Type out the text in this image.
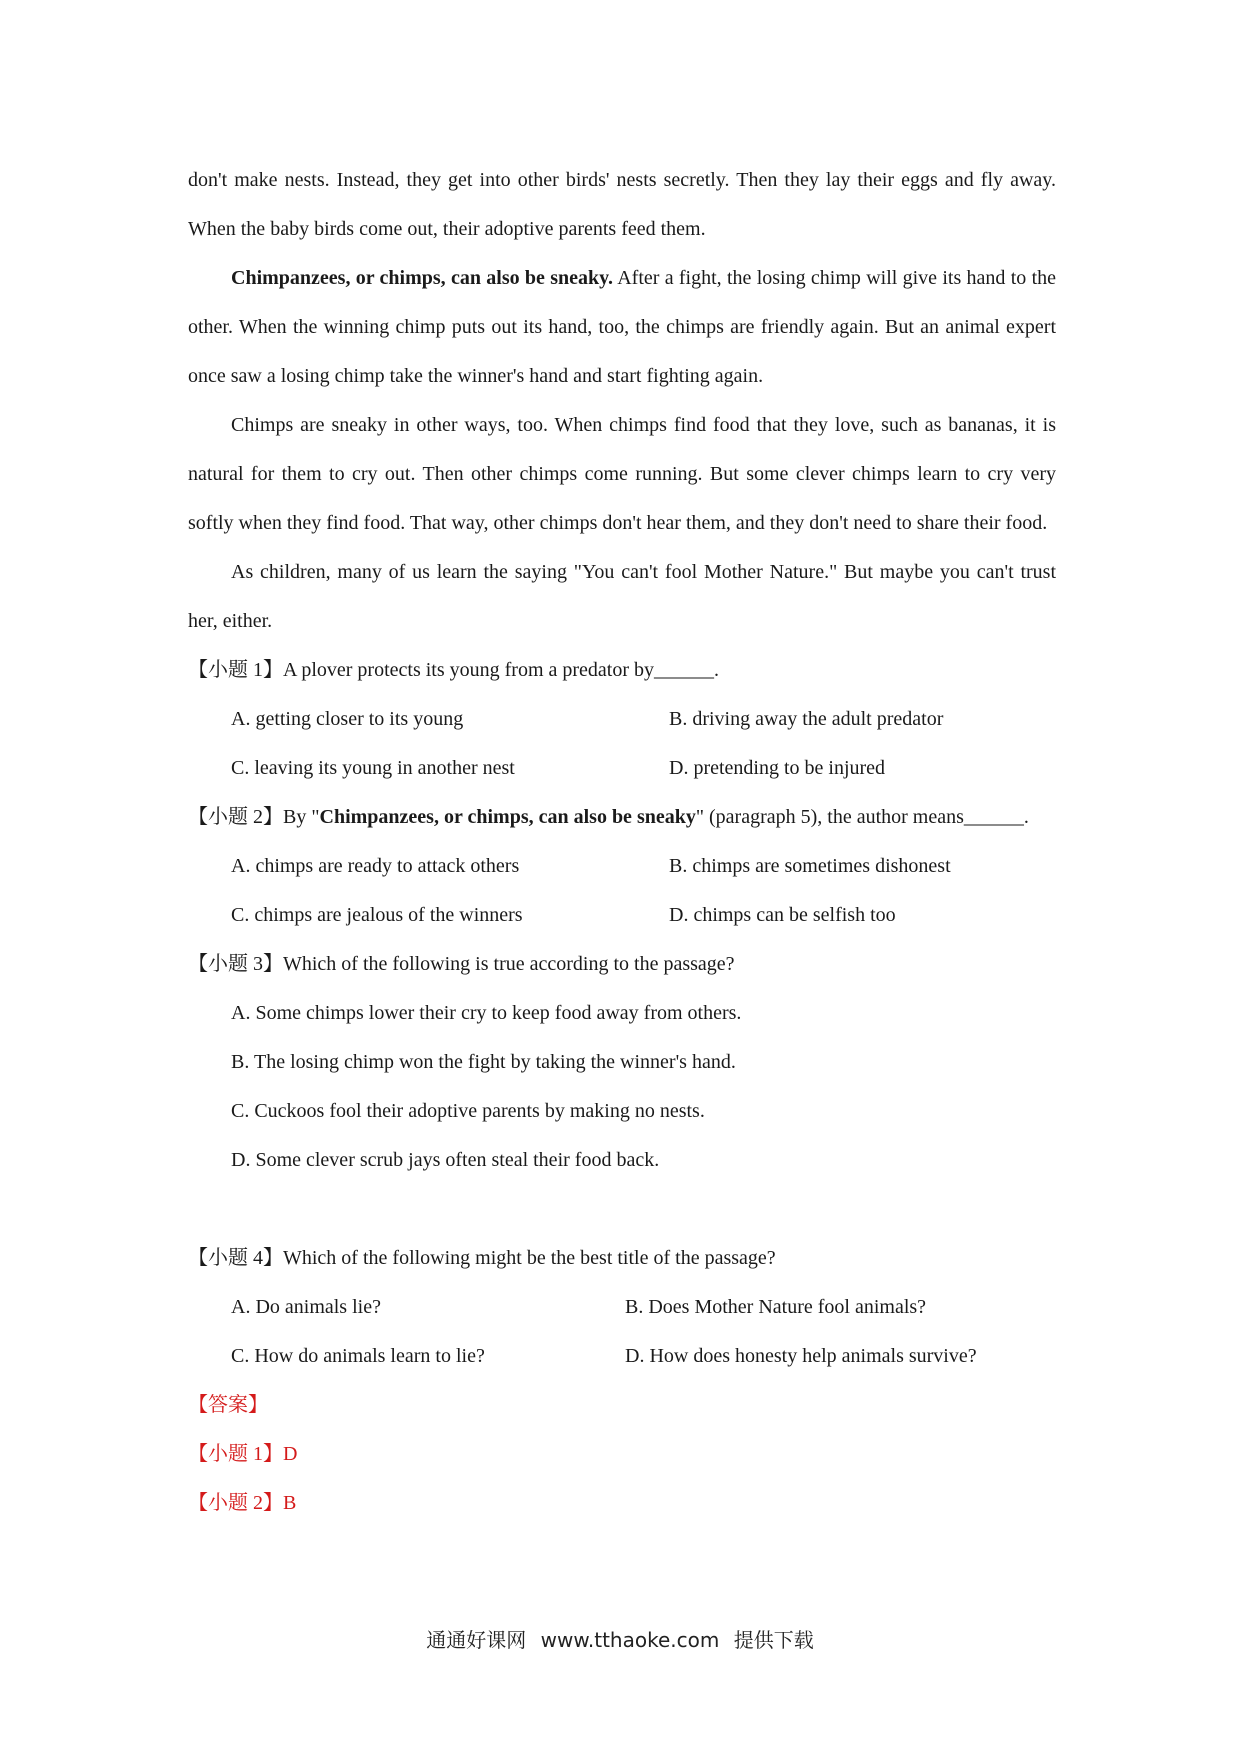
don't make nests. Instead, they get into other birds' nests secretly. Then they lay their eggs and fly away. When the baby birds come out, their adoptive parents feed them.

Chimpanzees, or chimps, can also be sneaky. After a fight, the losing chimp will give its hand to the other. When the winning chimp puts out its hand, too, the chimps are friendly again. But an animal expert once saw a losing chimp take the winner's hand and start fighting again.

Chimps are sneaky in other ways, too. When chimps find food that they love, such as bananas, it is natural for them to cry out. Then other chimps come running. But some clever chimps learn to cry very softly when they find food. That way, other chimps don't hear them, and they don't need to share their food.

As children, many of us learn the saying "You can't fool Mother Nature." But maybe you can't trust her, either.

【小题 1】A plover protects its young from a predator by______.

A. getting closer to its young	B. driving away the adult predator
C. leaving its young in another nest	D. pretending to be injured

【小题 2】By "Chimpanzees, or chimps, can also be sneaky" (paragraph 5), the author means______.

A. chimps are ready to attack others	B. chimps are sometimes dishonest
C. chimps are jealous of the winners	D. chimps can be selfish too

【小题 3】Which of the following is true according to the passage?

A. Some chimps lower their cry to keep food away from others.

B. The losing chimp won the fight by taking the winner's hand.

C. Cuckoos fool their adoptive parents by making no nests.

D. Some clever scrub jays often steal their food back.

【小题 4】Which of the following might be the best title of the passage?

A. Do animals lie?	B. Does Mother Nature fool animals?
C. How do animals learn to lie?	D. How does honesty help animals survive?

【答案】

【小题 1】D

【小题 2】B

通通好课网 www.tthaoke.com 提供下载
